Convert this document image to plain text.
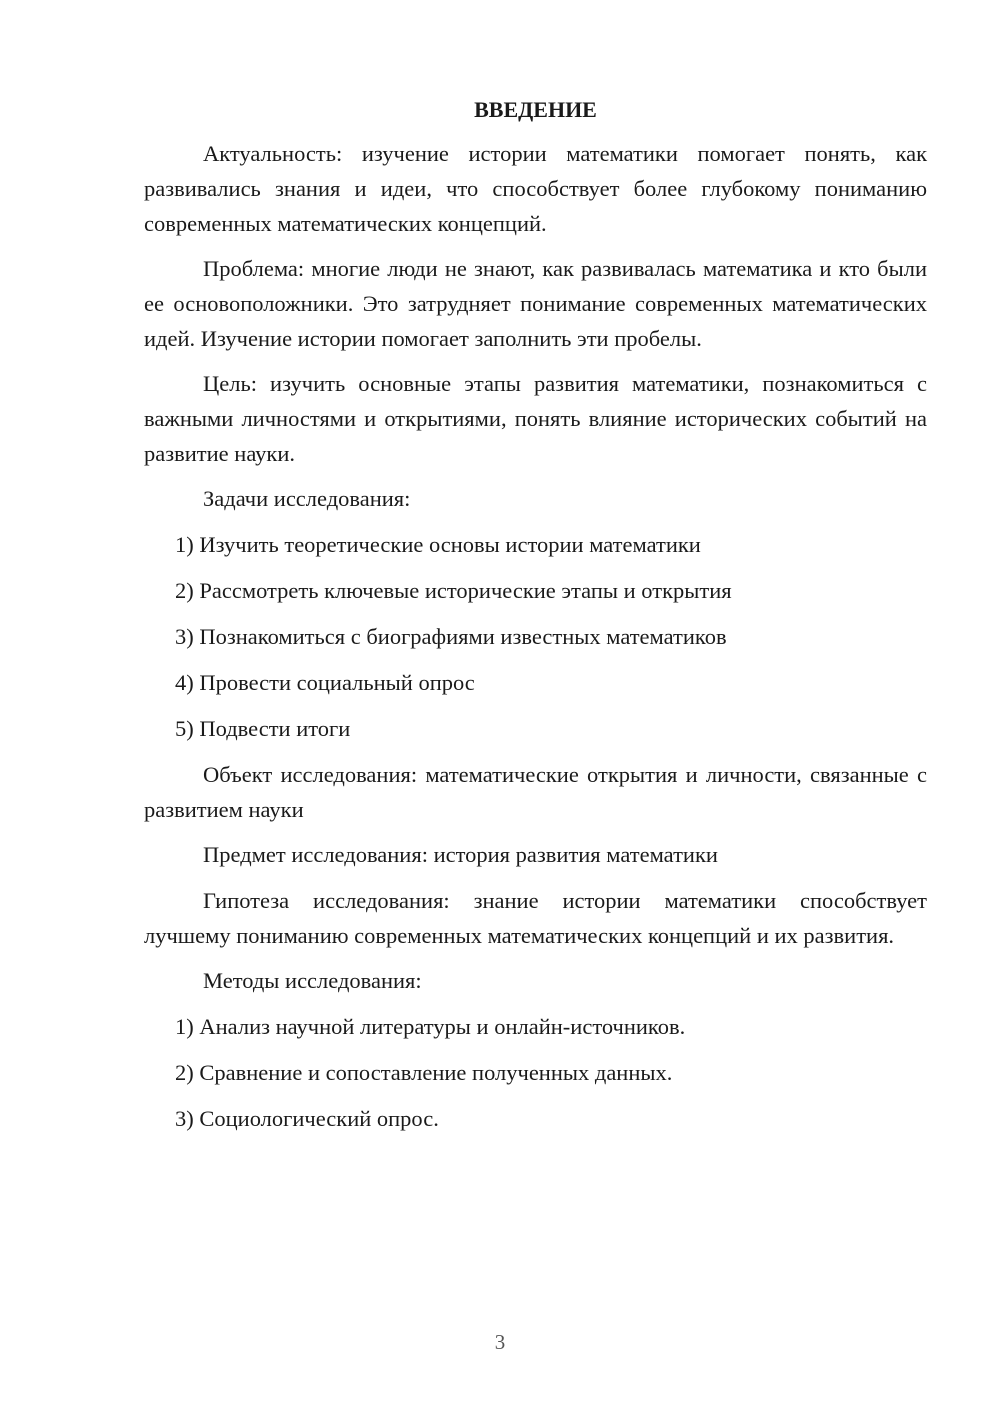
ВВЕДЕНИЕ

Актуальность: изучение истории математики помогает понять, как развивались знания и идеи, что способствует более глубокому пониманию современных математических концепций.

Проблема: многие люди не знают, как развивалась математика и кто были ее основоположники. Это затрудняет понимание современных математических идей. Изучение истории помогает заполнить эти пробелы.

Цель: изучить основные этапы развития математики, познакомиться с важными личностями и открытиями, понять влияние исторических событий на развитие науки.

Задачи исследования:

1) Изучить теоретические основы истории математики
2) Рассмотреть ключевые исторические этапы и открытия
3) Познакомиться с биографиями известных математиков
4) Провести социальный опрос
5) Подвести итоги

Объект исследования: математические открытия и личности, связанные с развитием науки

Предмет исследования: история развития математики

Гипотеза исследования: знание истории математики способствует лучшему пониманию современных математических концепций и их развития.

Методы исследования:

1) Анализ научной литературы и онлайн-источников.
2) Сравнение и сопоставление полученных данных.
3) Социологический опрос.
3
